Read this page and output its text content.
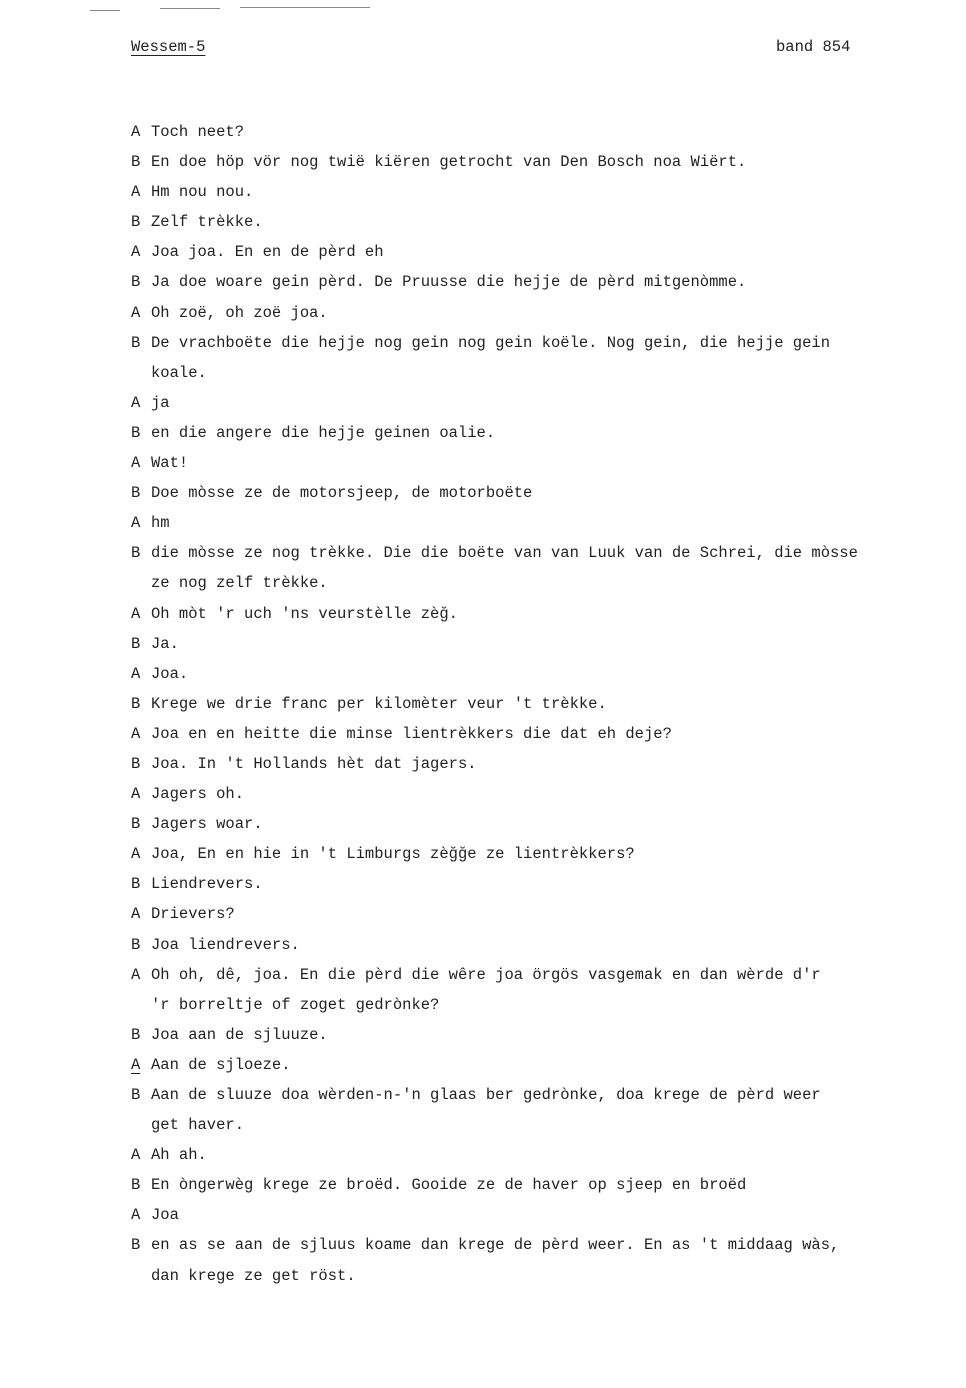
Wessem-5	band 854
A Toch neet?
B En doe höp vör nog twië kiëren getrocht van Den Bosch noa Wiërt.
A Hm nou nou.
B Zelf trèkke.
A Joa joa. En en de pèrd eh
B Ja doe woare gein pèrd. De Pruusse die hejje de pèrd mitgenòmme.
A Oh zoë, oh zoë joa.
B De vrachboëte die hejje nog gein nog gein koële. Nog gein, die hejje gein
koale.
A ja
B en die angere die hejje geinen oalie.
A Wat!
B Doe mòsse ze de motorsjeep, de motorboëte
A hm
B die mòsse ze nog trèkke. Die die boëte van van Luuk van de Schrei, die mòsse
ze nog zelf trèkke.
A Oh mòt 'r uch 'ns veurstèlle zèğ.
B Ja.
A Joa.
B Krege we drie franc per kilomèter veur 't trèkke.
A Joa en en heitte die minse lientrèkkers die dat eh deje?
B Joa. In 't Hollands hèt dat jagers.
A Jagers oh.
B Jagers woar.
A Joa, En en hie in 't Limburgs zèğğe ze lientrèkkers?
B Liendrevers.
A Drievers?
B Joa liendrevers.
A Oh oh, dê, joa. En die pèrd die wêre joa örgös vasgemak en dan wèrde d'r
'r borreltje of zoget gedrònke?
B Joa aan de sjluuze.
A Aan de sjloeze.
B Aan de sluuze doa wèrden-n-'n glaas ber gedrònke, doa krege de pèrd weer
get haver.
A Ah ah.
B En òngerwèg krege ze broëd. Gooide ze de haver op sjeep en broëd
A Joa
B en as se aan de sjluus koame dan krege de pèrd weer. En as 't middaag wàs,
dan krege ze get röst.
